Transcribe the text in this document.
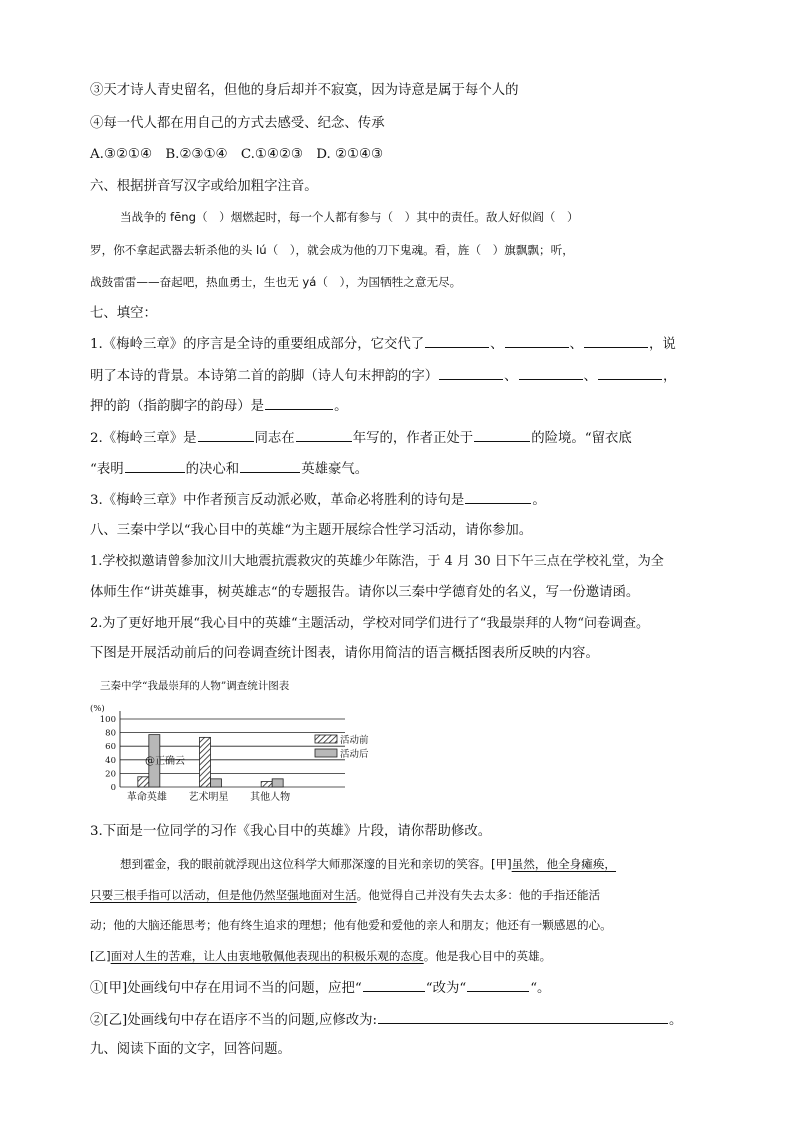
③天才诗人青史留名，但他的身后却并不寂寞，因为诗意是属于每个人的
④每一代人都在用自己的方式去感受、纪念、传承
A.③②①④　B.②③①④　C.①④②③　D. ②①④③
六、根据拼音写汉字或给加粗字注音。
当战争的 fēng（　）烟燃起时，每一个人都有参与（　）其中的责任。敌人好似阎（　）
罗，你不拿起武器去斩杀他的头 lú（　），就会成为他的刀下鬼魂。看，旌（　）旗飘飘；听，
战鼓雷雷——奋起吧，热血勇士，生也无 yá（　），为国牺牲之意无尽。
七、填空：
1.《梅岭三章》的序言是全诗的重要组成部分，它交代了	、	、	，说
明了本诗的背景。本诗第二首的韵脚（诗人句末押韵的字）	、	、	，
押的韵（指韵脚字的韵母）是	。
2.《梅岭三章》是	同志在	年写的，作者正处于	的险境。“留衣底
“表明	的决心和	英雄豪气。
3.《梅岭三章》中作者预言反动派必败，革命必将胜利的诗句是	。
八、三秦中学以“我心目中的英雄“为主题开展综合性学习活动，请你参加。
1.学校拟邀请曾参加汶川大地震抗震救灾的英雄少年陈浩，于 4 月 30 日下午三点在学校礼堂，为全
体师生作“讲英雄事，树英雄志“的专题报告。请你以三秦中学德育处的名义，写一份邀请函。
2.为了更好地开展“我心目中的英雄“主题活动，学校对同学们进行了“我最崇拜的人物“问卷调查。
下图是开展活动前后的问卷调查统计图表，请你用简洁的语言概括图表所反映的内容。
三秦中学“我最崇拜的人物”调查统计图表
(%)
100
80
60
40
20
0
革命英雄 艺术明星 其他人物
活动前
活动后
@正确云
3.下面是一位同学的习作《我心目中的英雄》片段，请你帮助修改。
想到霍金，我的眼前就浮现出这位科学大师那深邃的目光和亲切的笑容。[甲]虽然，他全身瘫痪，
只要三根手指可以活动，但是他仍然坚强地面对生活。他觉得自己并没有失去太多：他的手指还能活
动；他的大脑还能思考；他有终生追求的理想；他有他爱和爱他的亲人和朋友；他还有一颗感恩的心。
[乙]面对人生的苦难，让人由衷地敬佩他表现出的积极乐观的态度。他是我心目中的英雄。
①[甲]处画线句中存在用词不当的问题，应把“	“改为“	“。
②[乙]处画线句中存在语序不当的问题,应修改为:	。
九、阅读下面的文字，回答问题。
